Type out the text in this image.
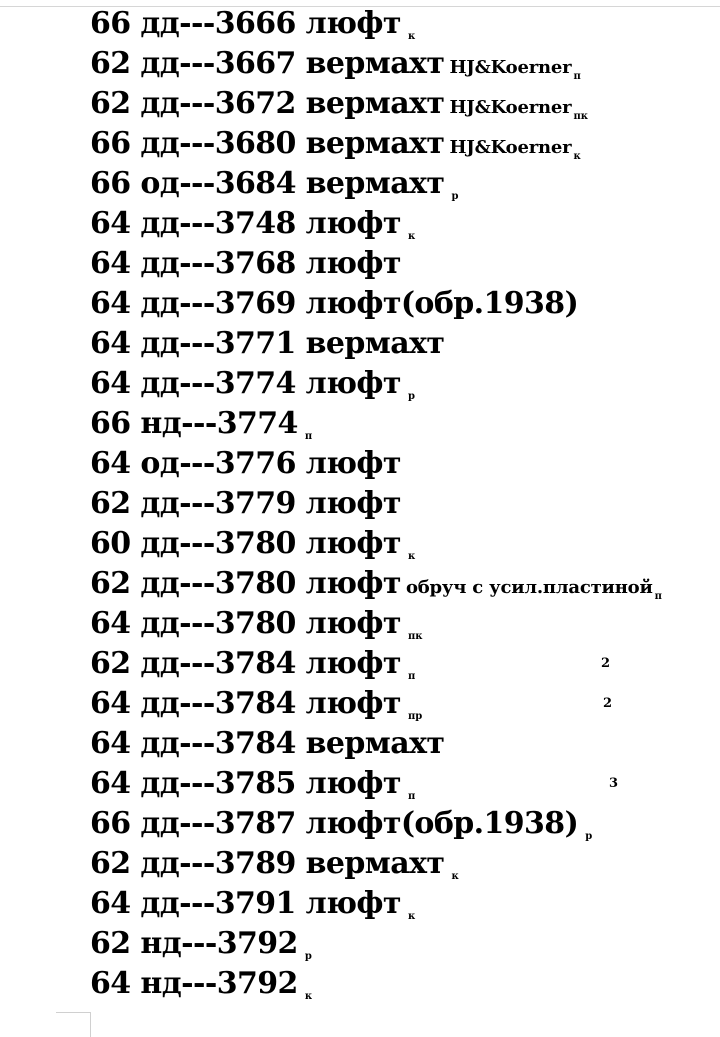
66 дд---3666 люфт $_к$
62 дд---3667 вермахт HJ&Koerner $_п$
62 дд---3672 вермахт HJ&Koerner $_{пк}$
66 дд---3680 вермахт HJ&Koerner $_к$
66 од---3684 вермахт $_р$
64 дд---3748 люфт $_к$
64 дд---3768 люфт
64 дд---3769 люфт(обр.1938)
64 дд---3771 вермахт
64 дд---3774 люфт $_р$
66 нд---3774 $_п$
64 од---3776 люфт
62 дд---3779 люфт
60 дд---3780 люфт $_к$
62 дд---3780 люфт обруч с усил.пластиной $_п$
64 дд---3780 люфт $_{пк}$
62 дд---3784 люфт $_п$
2
64 дд---3784 люфт $_{пр}$
2
64 дд---3784 вермахт
64 дд---3785 люфт $_п$
3
66 дд---3787 люфт(обр.1938) $_р$
62 дд---3789 вермахт $_к$
64 дд---3791 люфт $_к$
62 нд---3792 $_р$
64 нд---3792 $_к$
